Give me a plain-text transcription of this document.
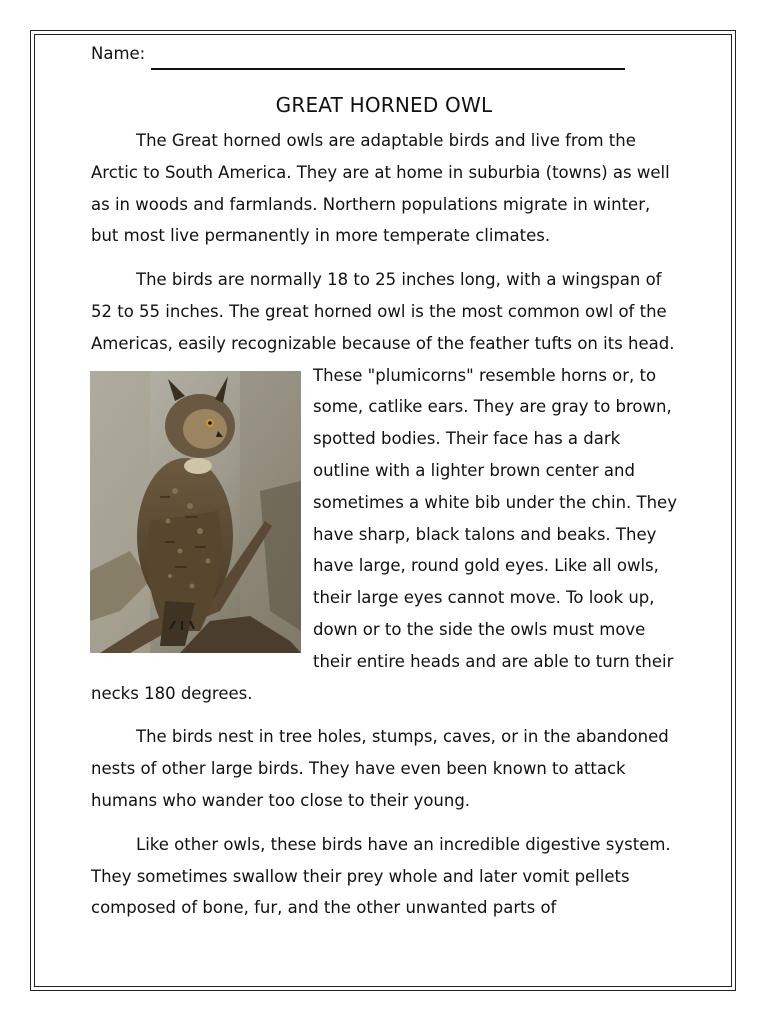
Name:
GREAT HORNED OWL

The Great horned owls are adaptable birds and live from the Arctic to South America. They are at home in suburbia (towns) as well as in woods and farmlands. Northern populations migrate in winter, but most live permanently in more temperate climates.

The birds are normally 18 to 25 inches long, with a wingspan of 52 to 55 inches. The great horned owl is the most common owl of the Americas, easily recognizable because of the feather tufts on its head. These "plumicorns" resemble horns or, to some, catlike ears. They are gray to brown, spotted bodies. Their face has a dark outline with a lighter brown center and sometimes a white bib under the chin. They have sharp, black talons and beaks. They have large, round gold eyes. Like all owls, their large eyes cannot move. To look up, down or to the side the owls must move their entire heads and are able to turn their necks 180 degrees.

The birds nest in tree holes, stumps, caves, or in the abandoned nests of other large birds. They have even been known to attack humans who wander too close to their young.

Like other owls, these birds have an incredible digestive system. They sometimes swallow their prey whole and later vomit pellets composed of bone, fur, and the other unwanted parts of
